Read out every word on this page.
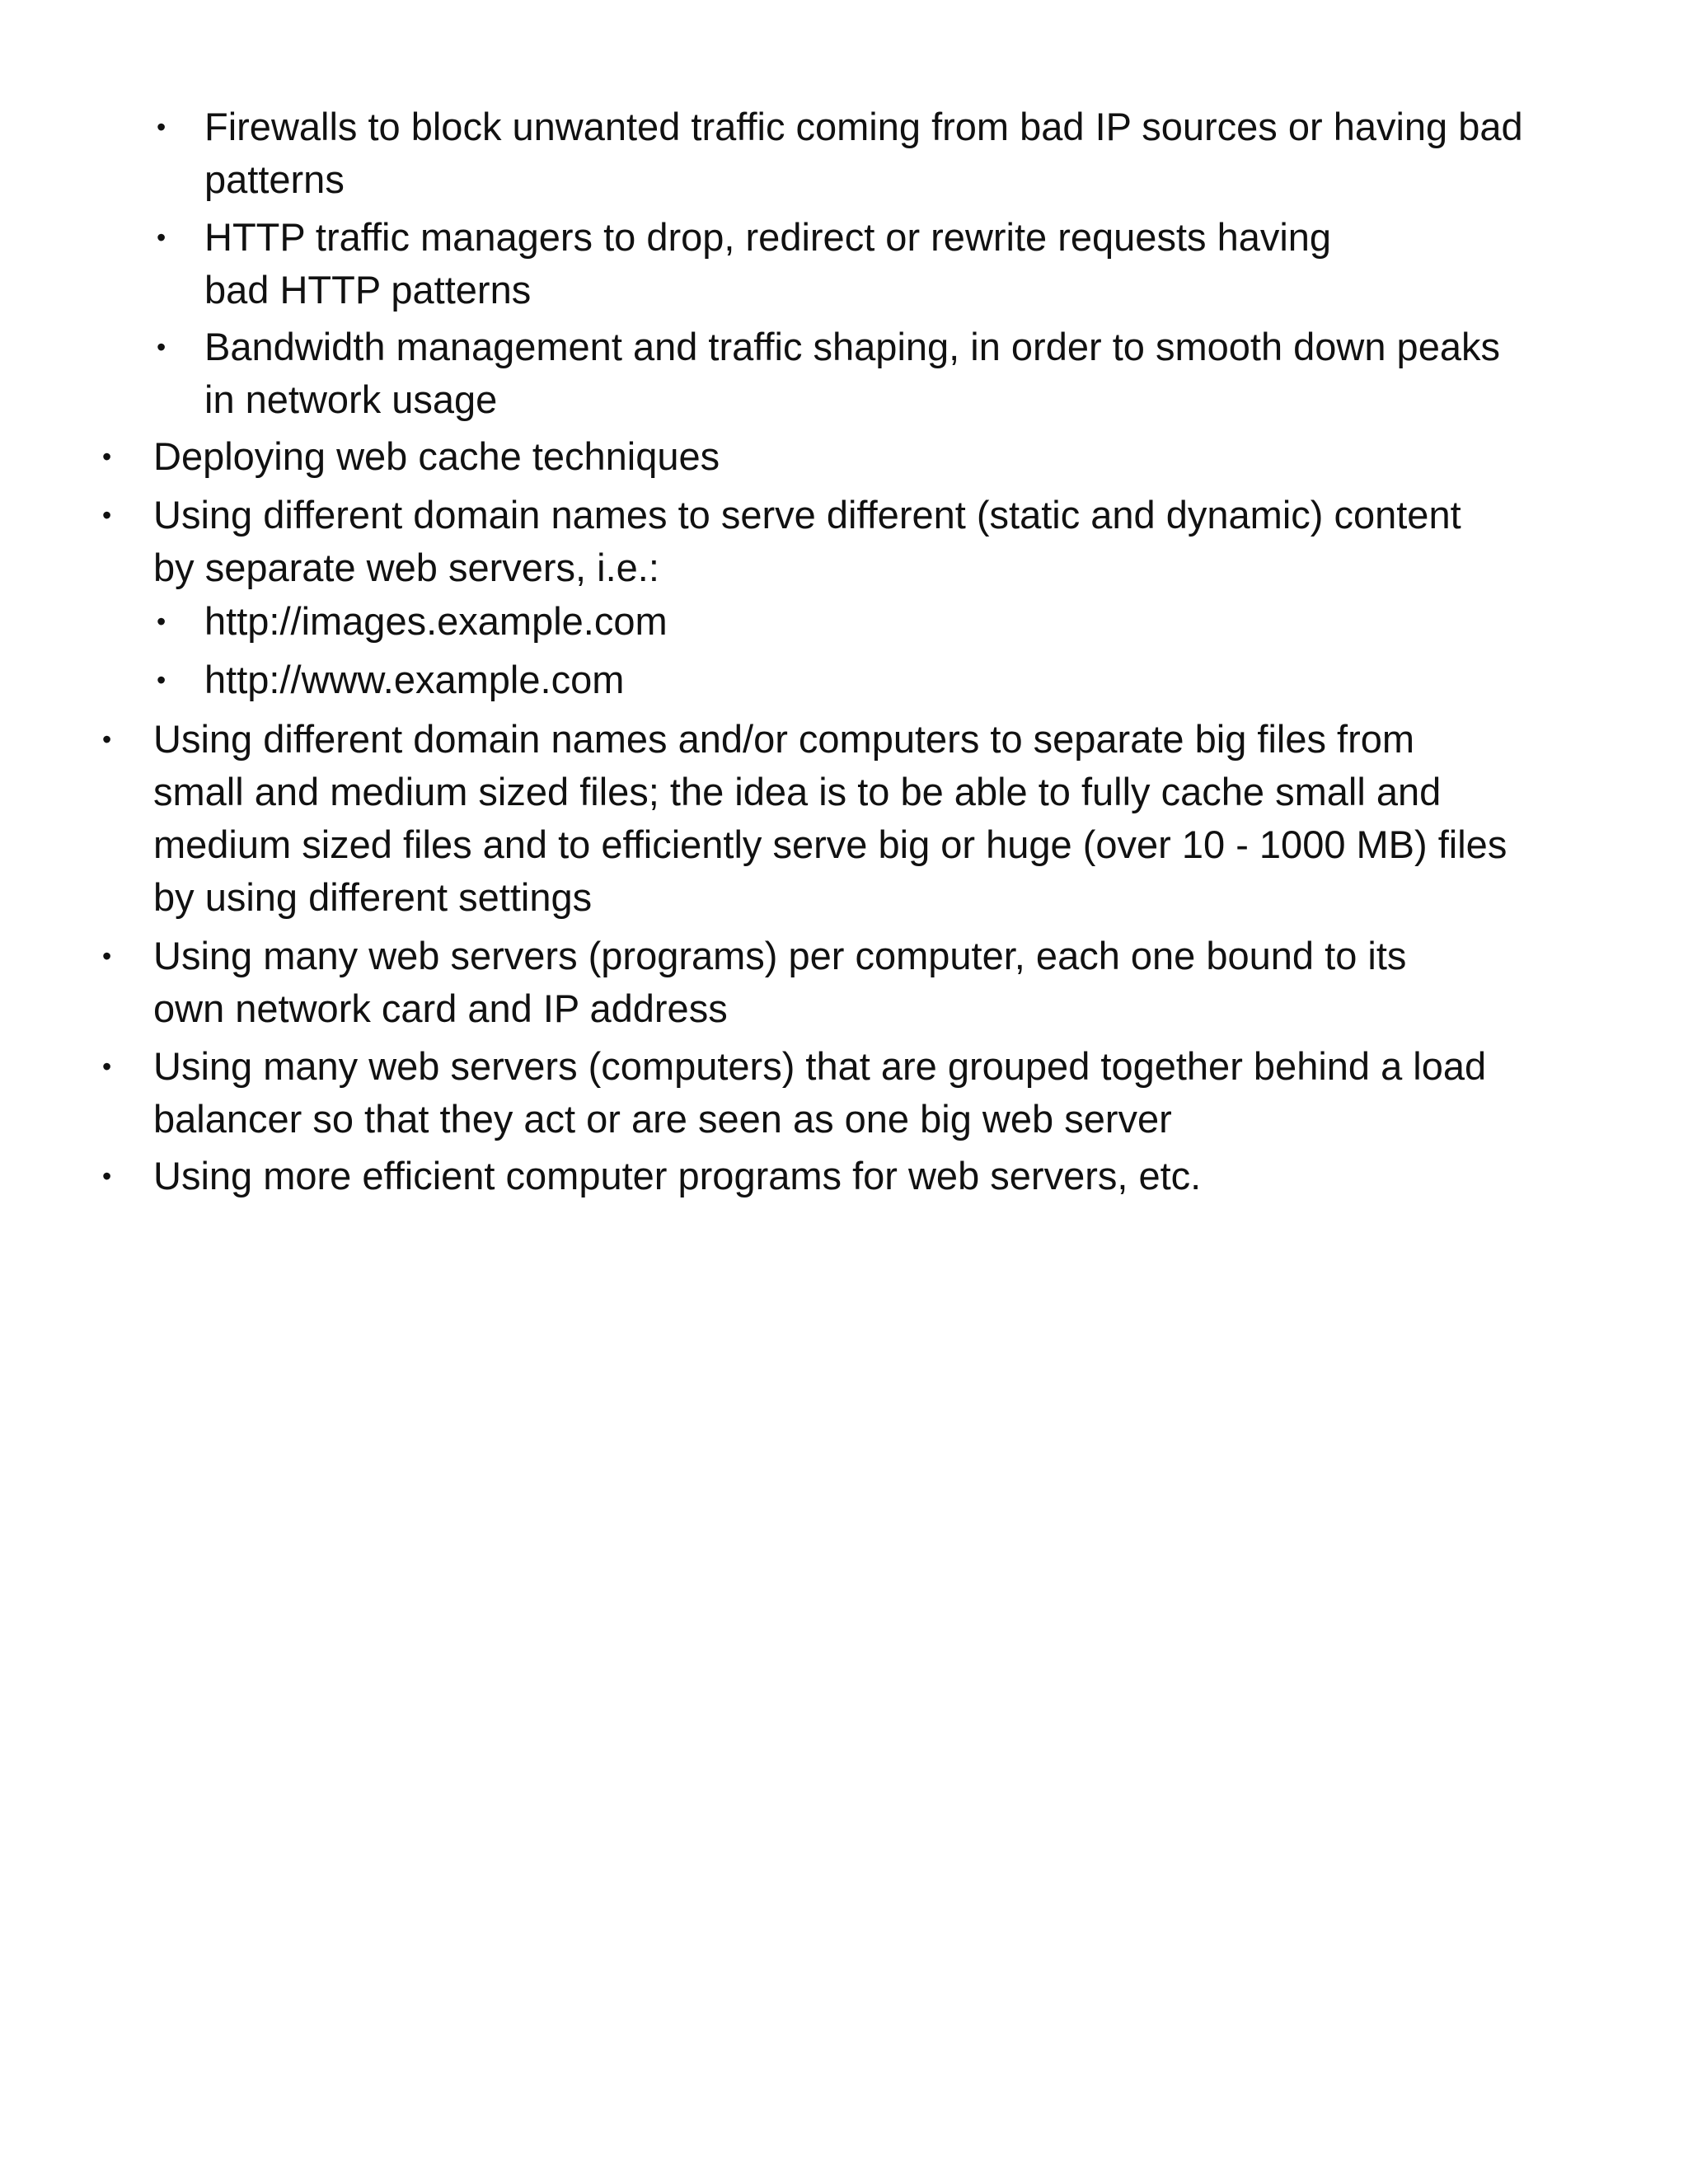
• Firewalls to block unwanted traffic coming from bad IP sources or having bad
patterns
• HTTP traffic managers to drop, redirect or rewrite requests having
bad HTTP patterns
• Bandwidth management and traffic shaping, in order to smooth down peaks
in network usage
• Deploying web cache techniques
• Using different domain names to serve different (static and dynamic) content
by separate web servers, i.e.:
• http://images.example.com
• http://www.example.com
• Using different domain names and/or computers to separate big files from
small and medium sized files; the idea is to be able to fully cache small and
medium sized files and to efficiently serve big or huge (over 10 - 1000 MB) files
by using different settings
• Using many web servers (programs) per computer, each one bound to its
own network card and IP address
• Using many web servers (computers) that are grouped together behind a load
balancer so that they act or are seen as one big web server
• Using more efficient computer programs for web servers, etc.
